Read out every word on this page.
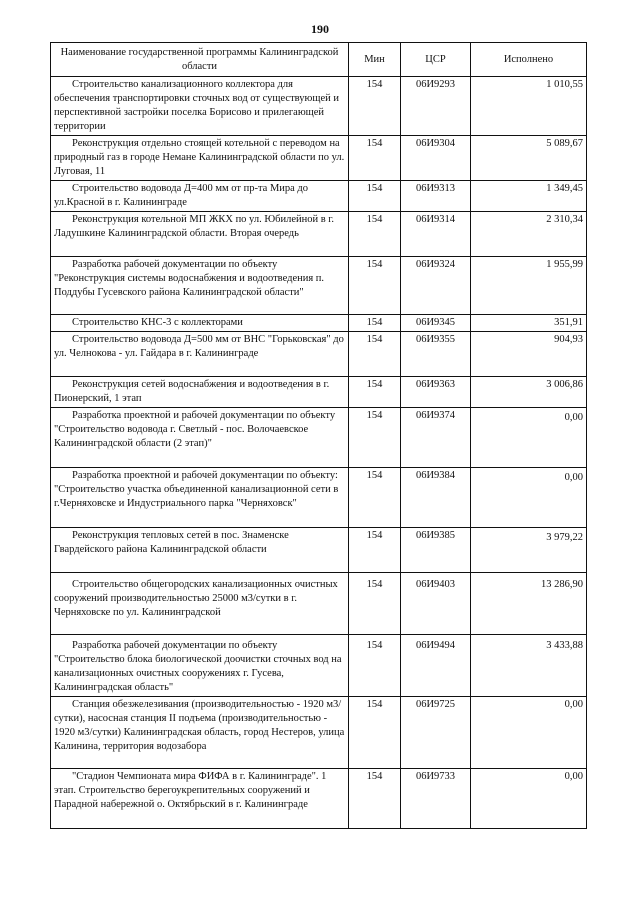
190
Наименование государственной программы Калининградской области	Мин	ЦСР	Исполнено
Строительство канализационного коллектора для обеспечения транспортировки сточных вод от существующей и перспективной застройки поселка Борисово и прилегающей территории	154	06И9293	1 010,55
Реконструкция отдельно стоящей котельной с переводом на природный газ в городе Немане Калининградской области по ул. Луговая, 11	154	06И9304	5 089,67
Строительство водовода Д=400 мм от пр-та Мира до ул.Красной в г. Калининграде	154	06И9313	1 349,45
Реконструкция котельной МП ЖКХ по ул. Юбилейной в г. Ладушкине Калининградской области. Вторая очередь	154	06И9314	2 310,34
Разработка рабочей документации по объекту "Реконструкция системы водоснабжения и водоотведения п. Поддубы Гусевского района Калининградской области"	154	06И9324	1 955,99
Строительство КНС-3 с коллекторами	154	06И9345	351,91
Строительство водовода Д=500 мм от ВНС "Горьковская" до ул. Челнокова - ул. Гайдара в г. Калининграде	154	06И9355	904,93
Реконструкция сетей водоснабжения и водоотведения в г. Пионерский, 1 этап	154	06И9363	3 006,86
Разработка проектной и рабочей документации по объекту "Строительство водовода г. Светлый - пос. Волочаевское Калининградской области (2 этап)"	154	06И9374	0,00
Разработка проектной и рабочей документации по объекту: "Строительство участка объединенной канализационной сети в г.Черняховске и Индустриального парка "Черняховск"	154	06И9384	0,00
Реконструкция тепловых сетей в пос. Знаменске Гвардейского района Калининградской области	154	06И9385	3 979,22
Строительство общегородских канализационных очистных сооружений производительностью 25000 м3/сутки в г. Черняховске по ул. Калининградской	154	06И9403	13 286,90
Разработка рабочей документации по объекту "Строительство блока биологической доочистки сточных вод на канализационных очистных сооружениях г. Гусева, Калининградская область"	154	06И9494	3 433,88
Станция обезжелезивания (производительностью - 1920 м3/сутки), насосная станция II подъема (производительностью - 1920 м3/сутки) Калининградская область, город Нестеров, улица Калинина, территория водозабора	154	06И9725	0,00
"Стадион Чемпионата мира ФИФА в г. Калининграде". 1 этап. Строительство берегоукрепительных сооружений и Парадной набережной о. Октябрьский в г. Калининграде	154	06И9733	0,00
